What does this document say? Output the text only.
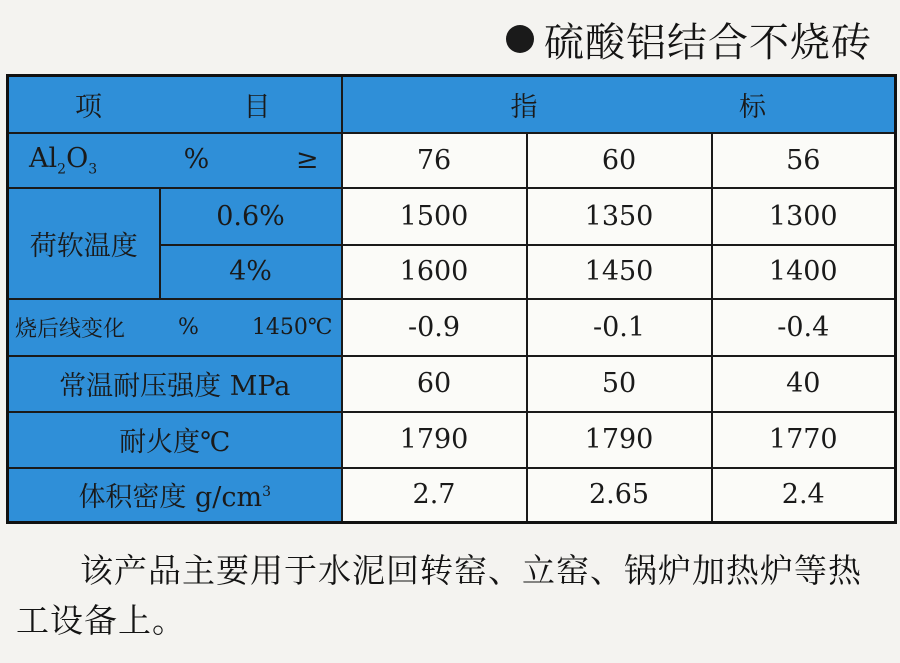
硫酸铝结合不烧砖
项 目		指 标		

$Al_2O_3$ % ≥		76	60	56
荷软温度	0.6%	1500	1350	1300
	4%	1600	1450	1400

烧后线变化 % 1450℃		-0.9	-0.1	-0.4
常温耐压强度 MPa		60	50	40
耐火度℃		1790	1790	1770
体积密度 $g/cm^3$		2.7	2.65	2.4
该产品主要用于水泥回转窑、立窑、锅炉加热炉等热工设备上。
